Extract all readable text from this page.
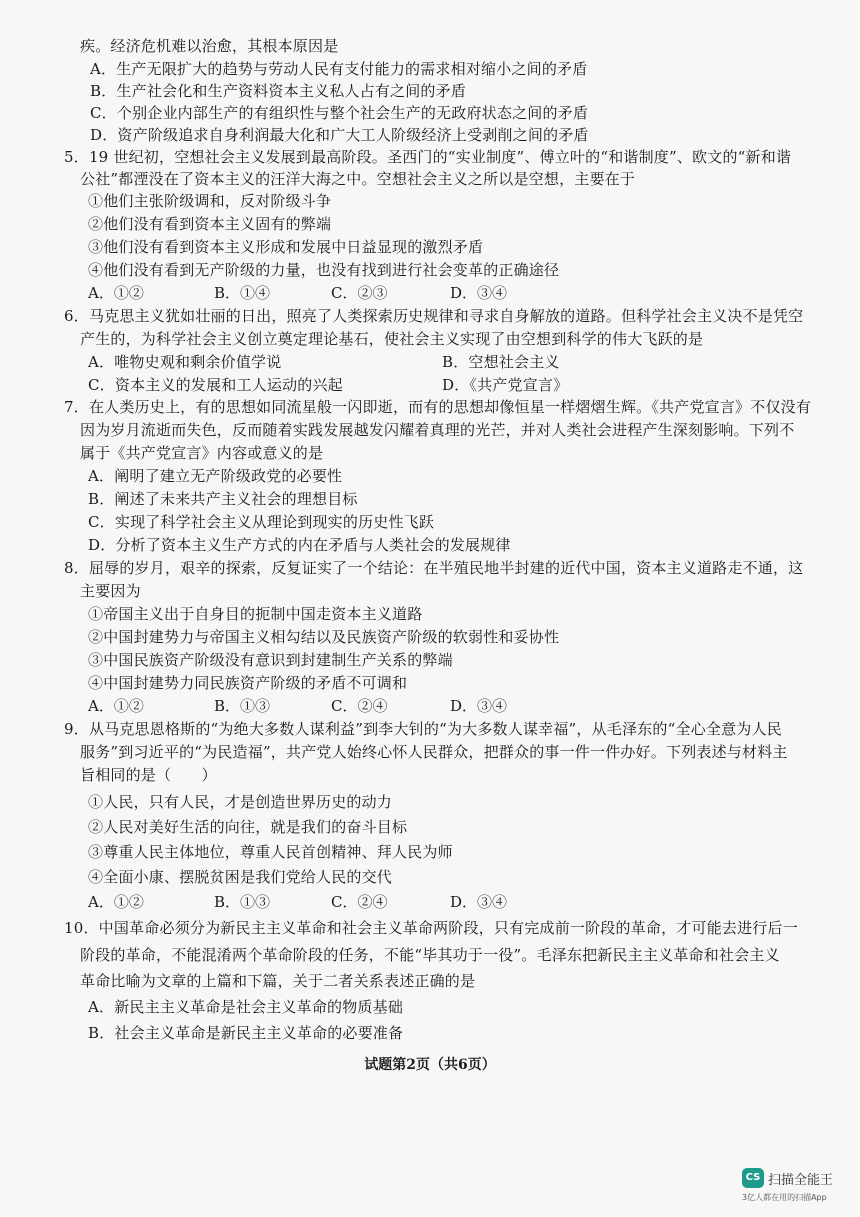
疾。经济危机难以治愈，其根本原因是
A．生产无限扩大的趋势与劳动人民有支付能力的需求相对缩小之间的矛盾
B．生产社会化和生产资料资本主义私人占有之间的矛盾
C．个别企业内部生产的有组织性与整个社会生产的无政府状态之间的矛盾
D．资产阶级追求自身利润最大化和广大工人阶级经济上受剥削之间的矛盾
5．19 世纪初，空想社会主义发展到最高阶段。圣西门的“实业制度”、傅立叶的“和谐制度”、欧文的“新和谐
公社”都湮没在了资本主义的汪洋大海之中。空想社会主义之所以是空想，主要在于
①他们主张阶级调和，反对阶级斗争
②他们没有看到资本主义固有的弊端
③他们没有看到资本主义形成和发展中日益显现的激烈矛盾
④他们没有看到无产阶级的力量，也没有找到进行社会变革的正确途径
A．①②	B．①④	C．②③	D．③④
6．马克思主义犹如壮丽的日出，照亮了人类探索历史规律和寻求自身解放的道路。但科学社会主义决不是凭空
产生的，为科学社会主义创立奠定理论基石，使社会主义实现了由空想到科学的伟大飞跃的是
A．唯物史观和剩余价值学说	B．空想社会主义
C．资本主义的发展和工人运动的兴起	D．《共产党宣言》
7．在人类历史上，有的思想如同流星般一闪即逝，而有的思想却像恒星一样熠熠生辉。《共产党宣言》不仅没有
因为岁月流逝而失色，反而随着实践发展越发闪耀着真理的光芒，并对人类社会进程产生深刻影响。下列不
属于《共产党宣言》内容或意义的是
A．阐明了建立无产阶级政党的必要性
B．阐述了未来共产主义社会的理想目标
C．实现了科学社会主义从理论到现实的历史性飞跃
D．分析了资本主义生产方式的内在矛盾与人类社会的发展规律
8．屈辱的岁月，艰辛的探索，反复证实了一个结论：在半殖民地半封建的近代中国，资本主义道路走不通，这
主要因为
①帝国主义出于自身目的扼制中国走资本主义道路
②中国封建势力与帝国主义相勾结以及民族资产阶级的软弱性和妥协性
③中国民族资产阶级没有意识到封建制生产关系的弊端
④中国封建势力同民族资产阶级的矛盾不可调和
A．①②	B．①③	C．②④	D．③④
9．从马克思恩格斯的“为绝大多数人谋利益”到李大钊的“为大多数人谋幸福”，从毛泽东的“全心全意为人民
服务”到习近平的“为民造福”，共产党人始终心怀人民群众，把群众的事一件一件办好。下列表述与材料主
旨相同的是（　　）
①人民，只有人民，才是创造世界历史的动力
②人民对美好生活的向往，就是我们的奋斗目标
③尊重人民主体地位，尊重人民首创精神、拜人民为师
④全面小康、摆脱贫困是我们党给人民的交代
A．①②	B．①③	C．②④	D．③④
10．中国革命必须分为新民主主义革命和社会主义革命两阶段，只有完成前一阶段的革命，才可能去进行后一
阶段的革命，不能混淆两个革命阶段的任务，不能“毕其功于一役”。毛泽东把新民主主义革命和社会主义
革命比喻为文章的上篇和下篇，关于二者关系表述正确的是
A．新民主主义革命是社会主义革命的物质基础
B．社会主义革命是新民主主义革命的必要准备
试题第2页（共6页）
CS 扫描全能王
3亿人都在用的扫描App
